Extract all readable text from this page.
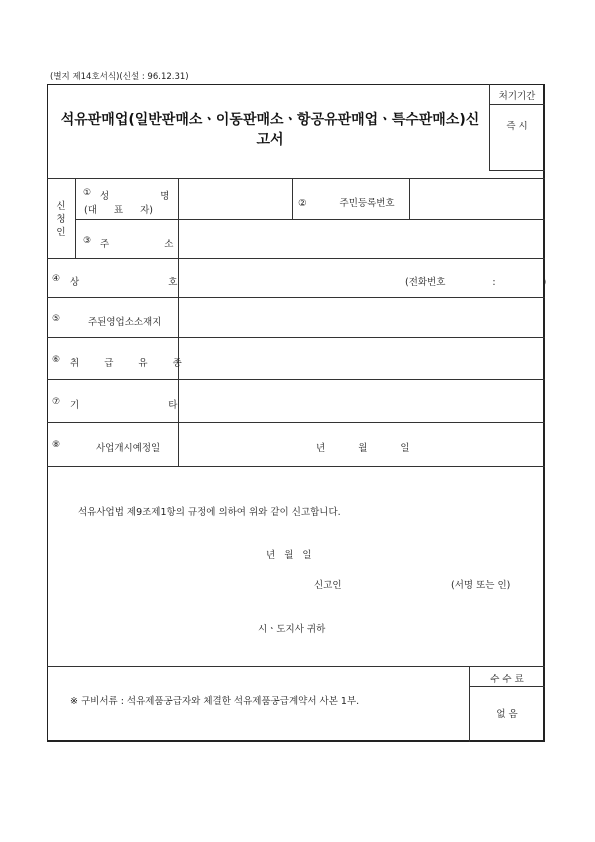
(별지 제14호서식)(신설 : 96.12.31)
석유판매업(일반판매소ㆍ이동판매소ㆍ항공유판매업ㆍ특수판매소)신고서
처기기간
즉 시
신청인
① 성 명
(대 표 자)
② 주민등록번호
③ 주 소
④ 상 호	(전화번호 : )
⑤	주된영업소소재지
⑥ 취 급 유 종
⑦ 기 타
⑧	사업개시예정일	년 월 일
석유사업법 제9조제1항의 규정에 의하여 위와 같이 신고합니다.
년 월 일
신고인	(서명 또는 인)
시ㆍ도지사 귀하
※ 구비서류 : 석유제품공급자와 체결한 석유제품공급계약서 사본 1부.
수 수 료
없 음
